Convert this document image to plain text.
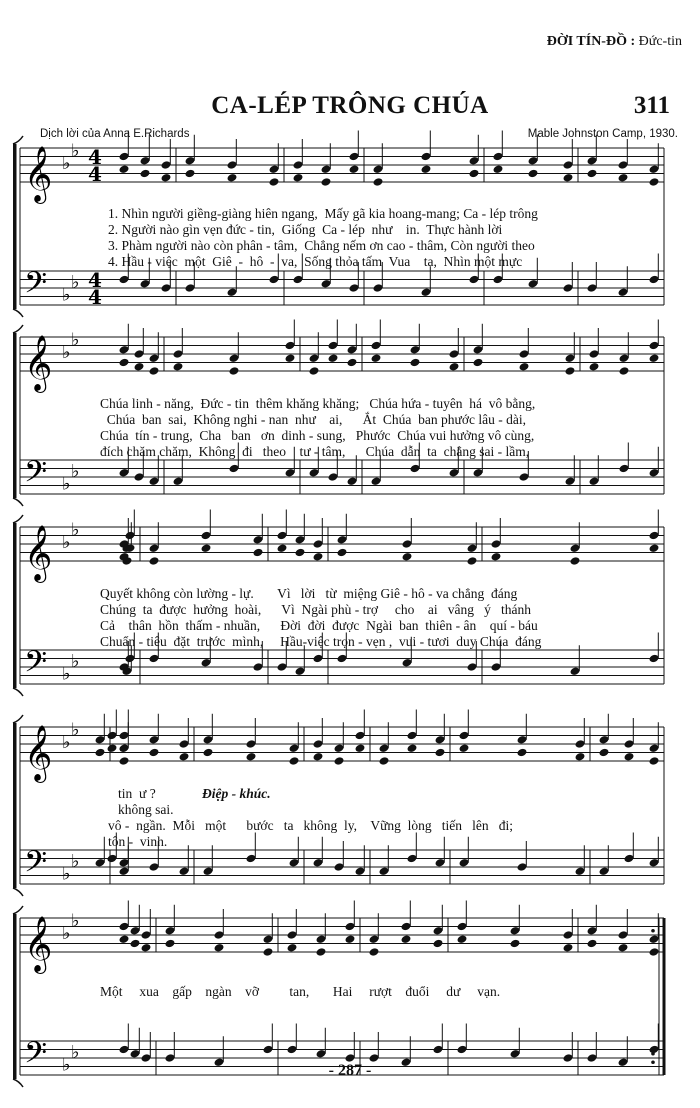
ĐỜI TÍN-ĐỒ : Đức-tin
CA-LÉP TRÔNG CHÚA	311
Dịch lời của Anna E.Richards	Mable Johnston Camp, 1930.
𝄞
𝄢
♭
♭
♭
♭
4
4
4
4
𝄞
𝄢
♭
♭
♭
♭
𝄞
𝄢
♭
♭
♭
♭
𝄞
𝄢
♭
♭
♭
♭
𝄞
𝄢
♭
♭
♭
♭
1. Nhìn người giềng-giàng hiên ngang,  Mấy gã kia hoang-mang; Ca - lép trông
2. Người nào gìn vẹn đức - tin,  Giống  Ca - lép  như    in.  Thực hành lời
3. Phàm người nào còn phân - tâm,  Chẳng nếm ơn cao - thâm, Còn người theo
4. Hầu - việc  một  Giê  -  hô  -  va,  Sống thỏa tấm  Vua    ta,  Nhìn một mực
Chúa linh - năng,  Đức - tin  thêm khăng khăng;   Chúa hứa - tuyên  há  vô bằng,
Chúa  ban  sai,  Không nghi - nan  như    ai,      Ắt  Chúa  ban phước lâu - dài,
Chúa  tín - trung,  Cha   ban   ơn  dinh - sung,   Phước  Chúa vui hưởng vô cùng,
đích chăm chăm,  Không  đi   theo    tư - tâm,      Chúa  dẫn  ta  chẳng sai - lầm,
Quyết không còn lường - lự.       Vì   lời   từ  miệng Giê - hô - va chẳng  đáng
Chúng  ta  được  hưởng  hoài,      Vì  Ngài phù - trợ     cho    ai   vâng   ý   thánh
Cả    thân  hồn  thấm - nhuần,      Đời  đời  được  Ngài  ban  thiên - ân    quí - báu
Chuẩn - tiêu  đặt  trước  mình,     Hầu-việc trọn - vẹn ,  vui - tươi  duy Chúa  đáng
tin  ư ?
không sai.
vô -  ngần.  Mỗi   một      bước   ta   không  ly,    Vững  lòng   tiến   lên   đi;
tôn -  vinh.
Điệp - khúc.
Một     xua    gấp    ngàn    vỡ         tan,       Hai     rượt    đuổi     dư     vạn.
- 287 -
